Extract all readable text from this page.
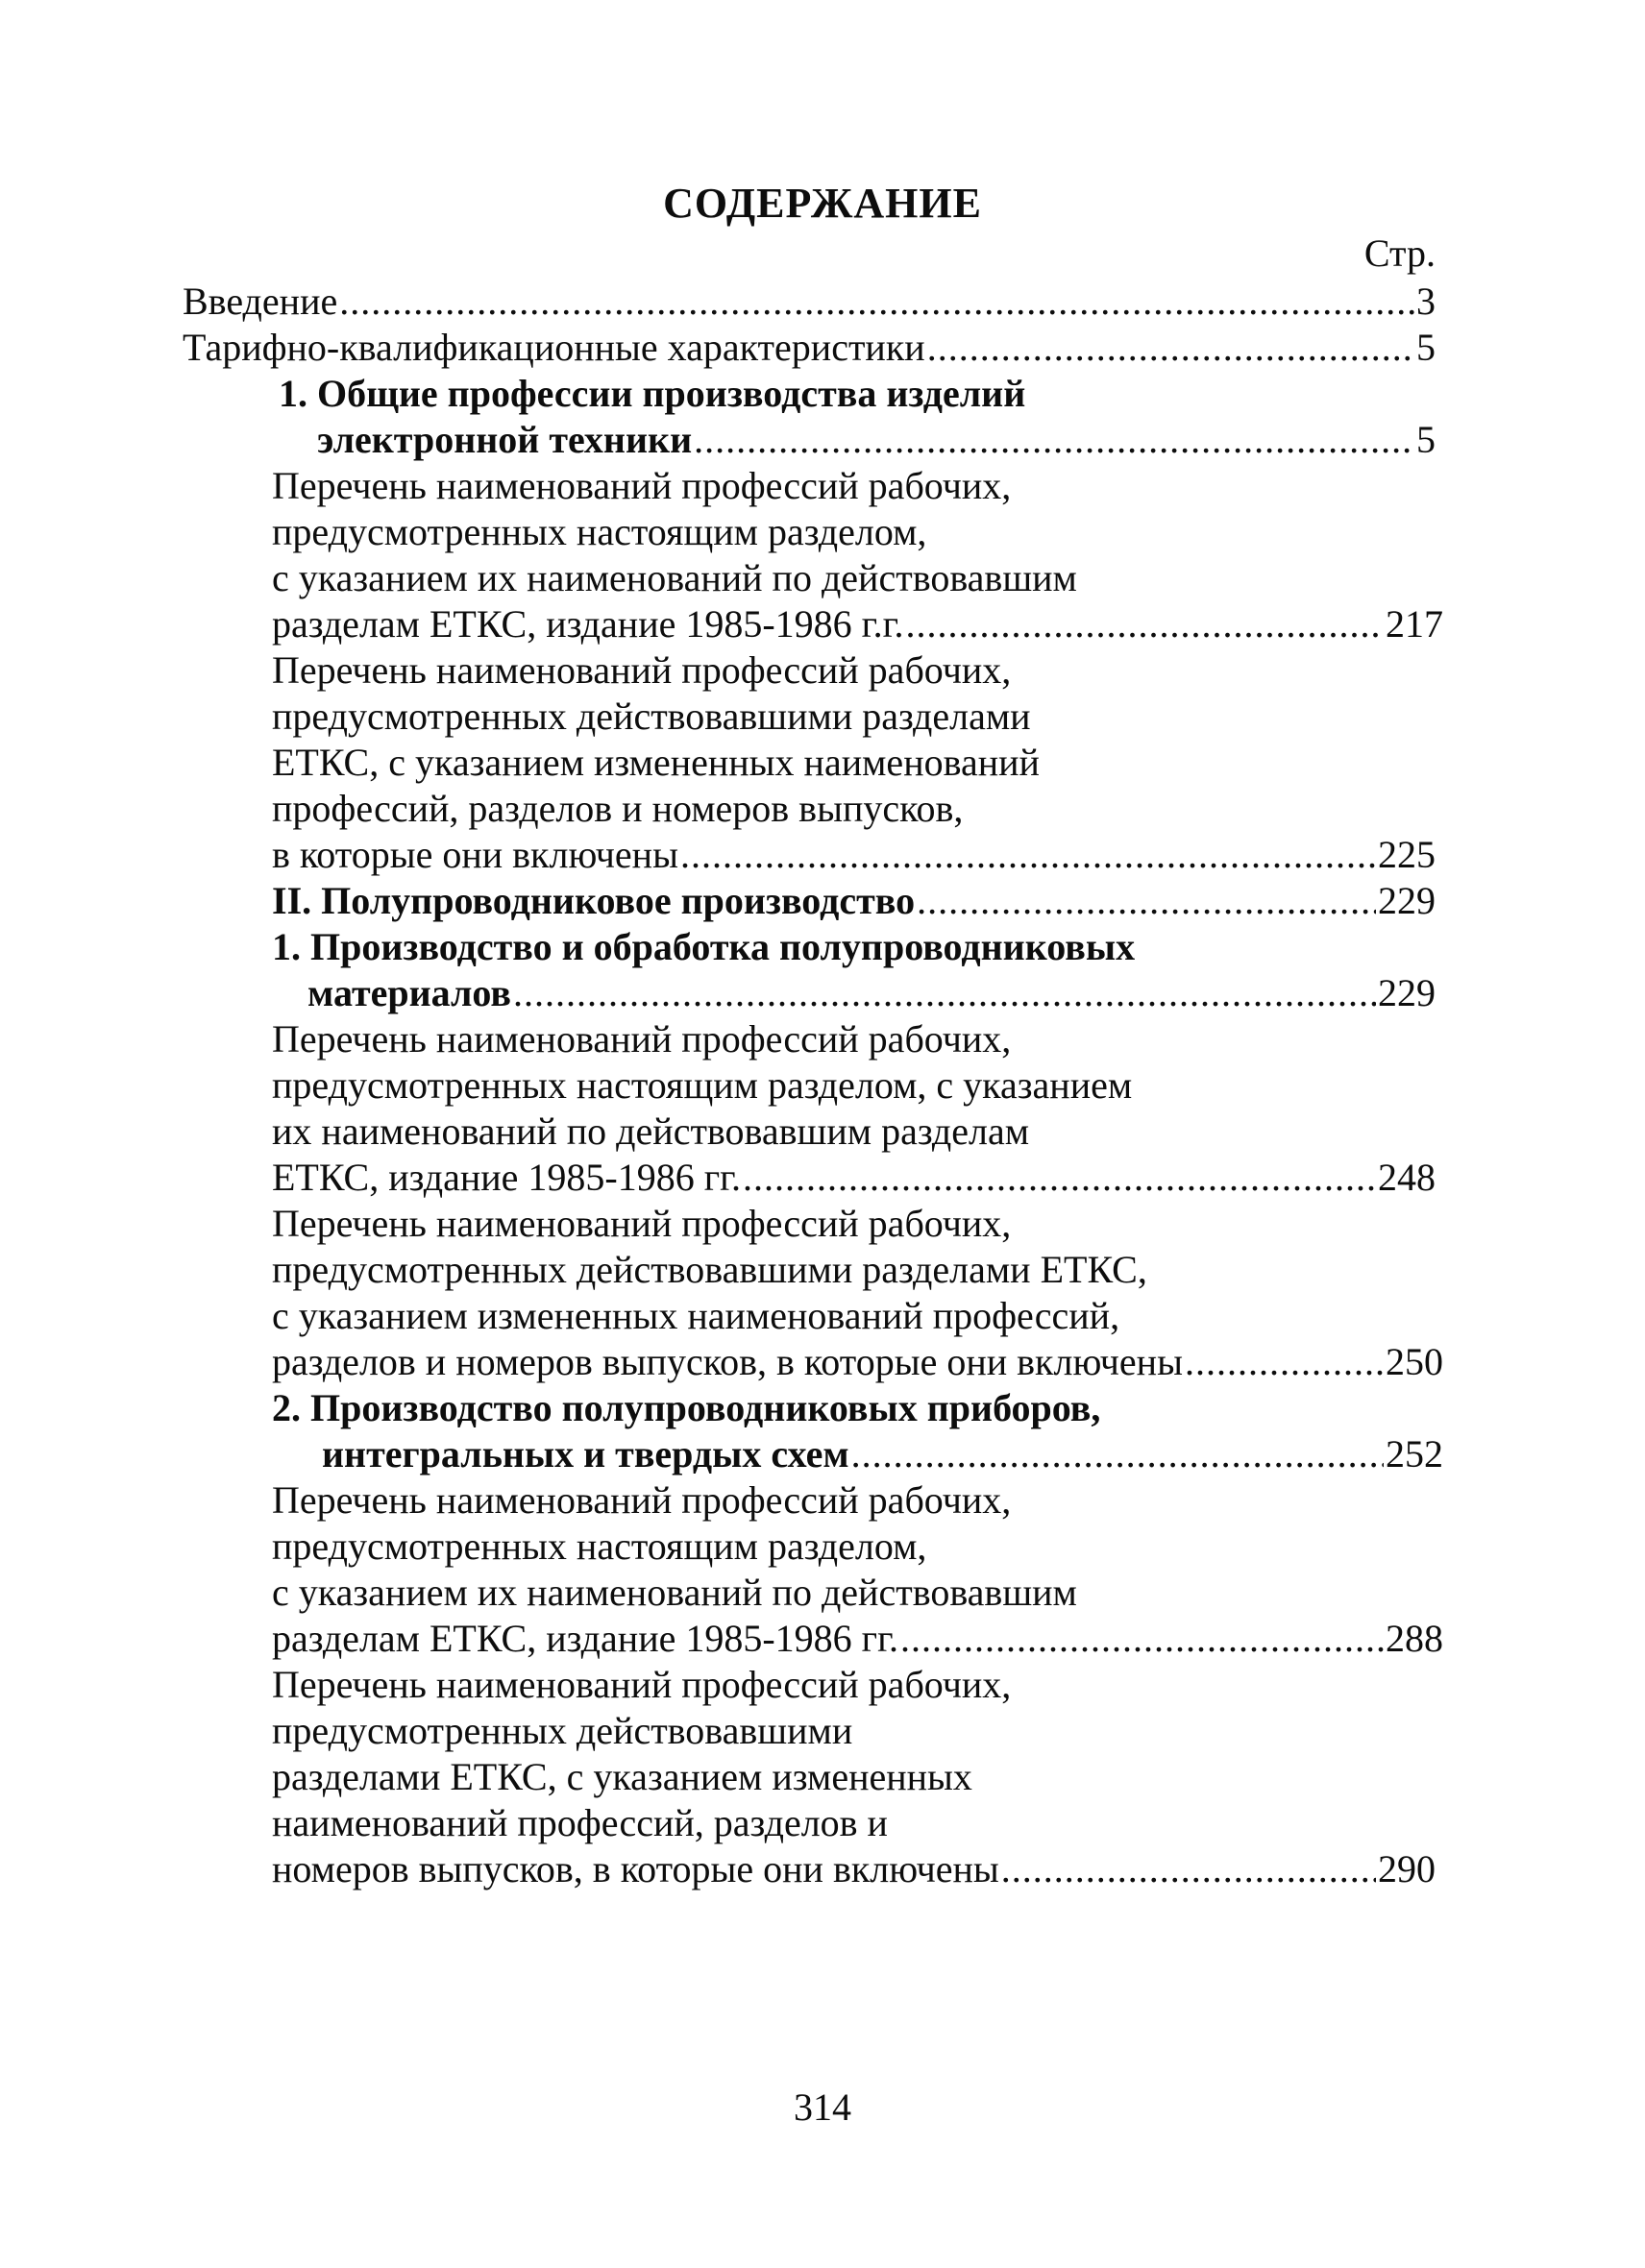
СОДЕРЖАНИЕ
Стр.
Введение .....	3
Тарифно-квалификационные характеристики .....	5
1. Общие профессии производства изделий
электронной техники .....	5
Перечень наименований профессий рабочих,
предусмотренных настоящим разделом,
с указанием их наименований по действовавшим
разделам ЕТКС, издание 1985-1986 г.г. .....	217
Перечень наименований профессий рабочих,
предусмотренных действовавшими разделами
ЕТКС, с указанием измененных наименований
профессий, разделов и номеров выпусков,
в которые они включены .....	225
II. Полупроводниковое производство .....	229
1. Производство и обработка полупроводниковых
материалов .....	229
Перечень наименований профессий рабочих,
предусмотренных настоящим разделом, с указанием
их наименований по действовавшим разделам
ЕТКС, издание 1985-1986 гг. .....	248
Перечень наименований профессий рабочих,
предусмотренных действовавшими разделами ЕТКС,
с указанием измененных наименований профессий,
разделов и номеров выпусков, в которые они включены .....	250
2. Производство полупроводниковых приборов,
интегральных и твердых схем .....	252
Перечень наименований профессий рабочих,
предусмотренных настоящим разделом,
с указанием их наименований по действовавшим
разделам ЕТКС, издание 1985-1986 гг. .....	288
Перечень наименований профессий рабочих,
предусмотренных действовавшими
разделами ЕТКС, с указанием измененных
наименований профессий, разделов и
номеров выпусков, в которые они включены .....	290
314
